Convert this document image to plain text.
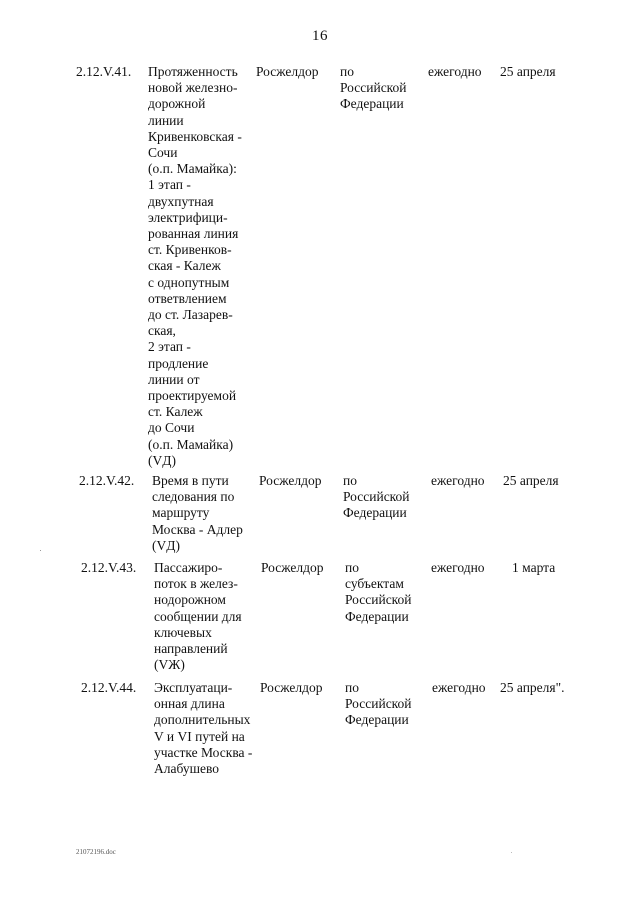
16
2.12.V.41. Протяженность
новой железно-
дорожной
линии
Кривенковская -
Сочи
(о.п. Мамайка):
1 этап -
двухпутная
электрифици-
рованная линия
ст. Кривенков-
ская - Калеж
с однопутным
ответвлением
до ст. Лазарев-
ская,
2 этап -
продление
линии от
проектируемой
ст. Калеж
до Сочи
(о.п. Мамайка)
(VД)
Росжелдор по
Российской
Федерации
ежегодно 25 апреля
2.12.V.42. Время в пути
следования по
маршруту
Москва - Адлер
(VД)
Росжелдор по
Российской
Федерации
ежегодно 25 апреля
2.12.V.43. Пассажиро-
поток в желез-
нодорожном
сообщении для
ключевых
направлений
(VЖ)
Росжелдор по
субъектам
Российской
Федерации
ежегодно 1 марта
2.12.V.44. Эксплуатаци-
онная длина
дополнительных
V и VI путей на
участке Москва -
Алабушево
Росжелдор по
Российской
Федерации
ежегодно 25 апреля".
21072196.doc
